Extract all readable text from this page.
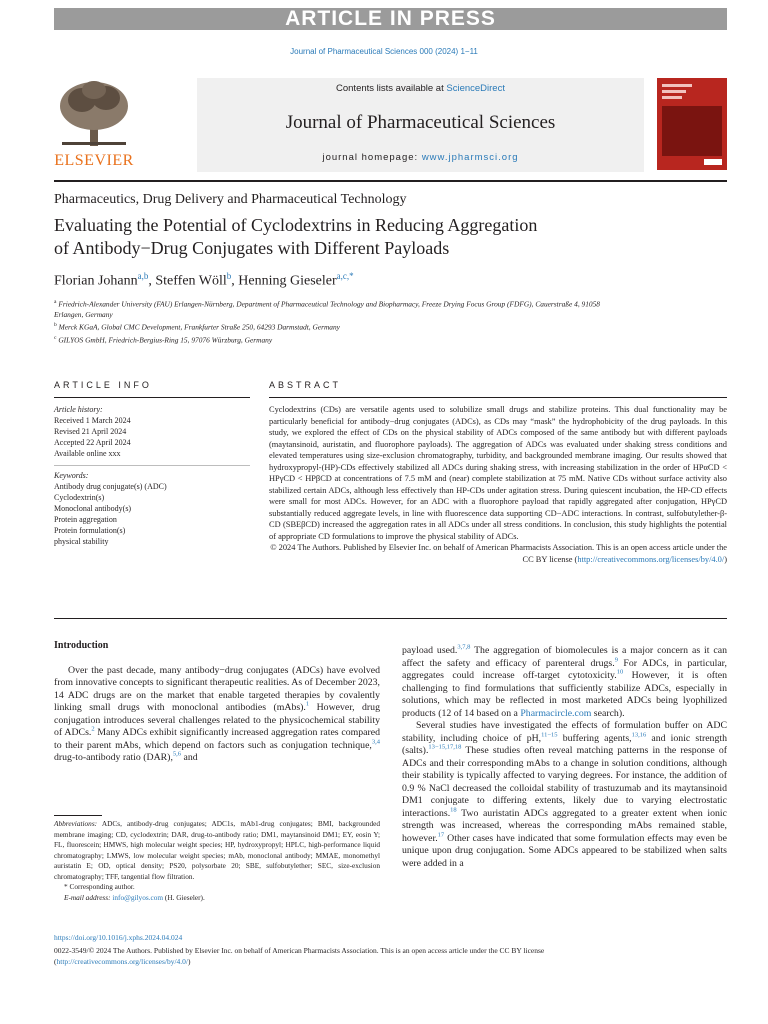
ARTICLE IN PRESS
Journal of Pharmaceutical Sciences 000 (2024) 1−11
ELSEVIER
Contents lists available at ScienceDirect
Journal of Pharmaceutical Sciences
journal homepage: www.jpharmsci.org
Pharmaceutics, Drug Delivery and Pharmaceutical Technology
Evaluating the Potential of Cyclodextrins in Reducing Aggregation
of Antibody−Drug Conjugates with Different Payloads
Florian Johann$^{a,b}$, Steffen Wöll$^b$, Henning Gieseler$^{a,c,*}$
$^a$ Friedrich-Alexander University (FAU) Erlangen-Nürnberg, Department of Pharmaceutical Technology and Biopharmacy, Freeze Drying Focus Group (FDFG), Cauerstraße 4, 91058 Erlangen, Germany
$^b$ Merck KGaA, Global CMC Development, Frankfurter Straße 250, 64293 Darmstadt, Germany
$^c$ GILYOS GmbH, Friedrich-Bergius-Ring 15, 97076 Würzburg, Germany
ARTICLE INFO	ABSTRACT
Article history:
Received 1 March 2024
Revised 21 April 2024
Accepted 22 April 2024
Available online xxx
Keywords:
Antibody drug conjugate(s) (ADC)
Cyclodextrin(s)
Monoclonal antibody(s)
Protein aggregation
Protein formulation(s)
physical stability
Cyclodextrins (CDs) are versatile agents used to solubilize small drugs and stabilize proteins. This dual functionality may be particularly beneficial for antibody−drug conjugates (ADCs), as CDs may “mask” the hydrophobicity of the drug payloads. In this study, we explored the effect of CDs on the physical stability of ADCs composed of the same antibody but with different payloads (maytansinoid, auristatin, and fluorophore payloads). The aggregation of ADCs was evaluated under shaking stress conditions and elevated temperatures using size-exclusion chromatography, turbidity, and backgrounded membrane imaging. Our results showed that hydroxypropyl-(HP)-CDs effectively stabilized all ADCs during shaking stress, with increasing stabilization in the order of HPαCD < HPγCD < HPβCD at concentrations of 7.5 mM and (near) complete stabilization at 75 mM. Native CDs without surface activity also stabilized certain ADCs, although less effectively than HP-CDs under agitation stress. During quiescent incubation, the HP-CD effects were small for most ADCs. However, for an ADC with a fluorophore payload that rapidly aggregated after conjugation, HPγCD substantially reduced aggregate levels, in line with fluorescence data supporting CD−ADC interactions. In contrast, sulfobutylether-β-CD (SBEβCD) increased the aggregation rates in all ADCs under all stress conditions. In conclusion, this study highlights the potential of appropriate CD formulations to improve the physical stability of ADCs.
© 2024 The Authors. Published by Elsevier Inc. on behalf of American Pharmacists Association. This is an open access article under the CC BY license (http://creativecommons.org/licenses/by/4.0/)
Introduction

Over the past decade, many antibody−drug conjugates (ADCs) have evolved from innovative concepts to significant therapeutic realities. As of December 2023, 14 ADC drugs are on the market that enable targeted therapies by covalently linking small drugs with monoclonal antibodies (mAbs).$^1$ However, drug conjugation introduces several challenges related to the physicochemical stability of ADCs.$^2$ Many ADCs exhibit significantly increased aggregation rates compared to their parent mAbs, which depend on factors such as conjugation technique,$^{3,4}$ drug-to-antibody ratio (DAR),$^{5,6}$ and

payload used.$^{3,7,8}$ The aggregation of biomolecules is a major concern as it can affect the safety and efficacy of parenteral drugs.$^9$ For ADCs, in particular, aggregates could increase off-target cytotoxicity.$^{10}$ However, it is often challenging to find formulations that sufficiently stabilize ADCs, especially in solutions, which may be reflected in most marketed ADCs being lyophilized products (12 of 14 based on a Pharmacircle.com search).

Several studies have investigated the effects of formulation buffer on ADC stability, including choice of pH,$^{11-15}$ buffering agents,$^{13,16}$ and ionic strength (salts).$^{13-15,17,18}$ These studies often reveal matching patterns in the response of ADCs and their corresponding mAbs to a change in solution conditions, although their stability is typically affected to varying degrees. For instance, the addition of 0.9 % NaCl decreased the colloidal stability of trastuzumab and its maytansinoid DM1 conjugate to differing extents, likely due to varying electrostatic interactions.$^{18}$ Two auristatin ADCs aggregated to a greater extent when ionic strength was increased, whereas the corresponding mAbs remained stable, however.$^{17}$ Other cases have indicated that some formulation effects may even be unique upon drug conjugation. Some ADCs appeared to be stabilized when salts were added in a

Abbreviations: ADCs, antibody-drug conjugates; ADC1s, mAb1-drug conjugates; BMI, backgrounded membrane imaging; CD, cyclodextrin; DAR, drug-to-antibody ratio; DM1, maytansinoid DM1; EY, eosin Y; FL, fluorescein; HMWS, high molecular weight species; HP, hydroxypropyl; HPLC, high-performance liquid chromatography; LMWS, low molecular weight species; mAb, monoclonal antibody; MMAE, monomethyl auristatin E; OD, optical density; PS20, polysorbate 20; SBE, sulfobutylether; SEC, size-exclusion chromatography; TFF, tangential flow filtration.
* Corresponding author.
E-mail address: info@gilyos.com (H. Gieseler).
https://doi.org/10.1016/j.xphs.2024.04.024
0022-3549/© 2024 The Authors. Published by Elsevier Inc. on behalf of American Pharmacists Association. This is an open access article under the CC BY license
(http://creativecommons.org/licenses/by/4.0/)
